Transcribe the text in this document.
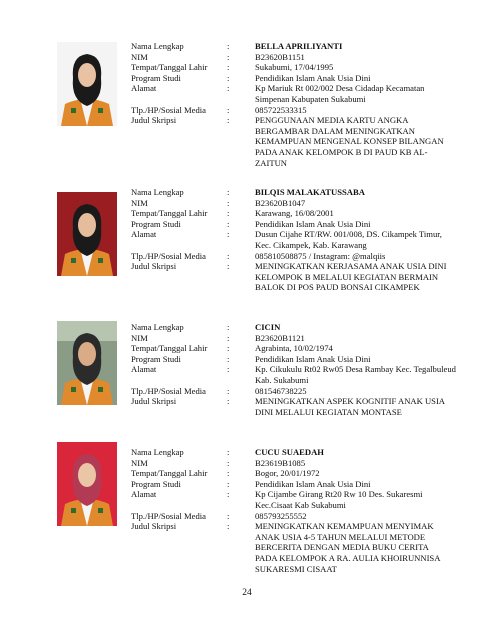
Nama Lengkap	:	BELLA APRILIYANTI
NIM	:	B23620B1151
Tempat/Tanggal Lahir	:	Sukabumi, 17/04/1995
Program Studi	:	Pendidikan Islam Anak Usia Dini
Alamat	:	Kp Mariuk Rt 002/002 Desa Cidadap Kecamatan
Simpenan Kabupaten Sukabumi
Tlp./HP/Sosial Media	:	085722533315
Judul Skripsi	:	PENGGUNAAN MEDIA KARTU ANGKA
BERGAMBAR DALAM MENINGKATKAN
KEMAMPUAN MENGENAL KONSEP BILANGAN
PADA ANAK KELOMPOK B DI PAUD KB AL-
ZAITUN
Nama Lengkap	:	BILQIS MALAKATUSSABA
NIM	:	B23620B1047
Tempat/Tanggal Lahir	:	Karawang, 16/08/2001
Program Studi	:	Pendidikan Islam Anak Usia Dini
Alamat	:	Dusun Cijahe RT/RW. 001/008, DS. Cikampek Timur,
Kec. Cikampek, Kab. Karawang
Tlp./HP/Sosial Media	:	085810508875 / Instagram: @malqiis
Judul Skripsi	:	MENINGKATKAN KERJASAMA ANAK USIA DINI
KELOMPOK B MELALUI KEGIATAN BERMAIN
BALOK DI POS PAUD BONSAI CIKAMPEK
Nama Lengkap	:	CICIN
NIM	:	B23620B1121
Tempat/Tanggal Lahir	:	Agrabinta, 10/02/1974
Program Studi	:	Pendidikan Islam Anak Usia Dini
Alamat	:	Kp. Cikukulu Rt02 Rw05 Desa Rambay Kec. Tegalbuleud
Kab. Sukabumi
Tlp./HP/Sosial Media	:	081546738225
Judul Skripsi	:	MENINGKATKAN ASPEK KOGNITIF ANAK USIA
DINI MELALUI KEGIATAN MONTASE
Nama Lengkap	:	CUCU SUAEDAH
NIM	:	B23619B1085
Tempat/Tanggal Lahir	:	Bogor, 20/01/1972
Program Studi	:	Pendidikan Islam Anak Usia Dini
Alamat	:	Kp Cijambe Girang Rt20 Rw 10 Des. Sukaresmi
Kec.Cisaat Kab Sukabumi
Tlp./HP/Sosial Media	:	085793255552
Judul Skripsi	:	MENINGKATKAN KEMAMPUAN MENYIMAK
ANAK USIA 4-5 TAHUN MELALUI METODE
BERCERITA DENGAN MEDIA BUKU CERITA
PADA KELOMPOK A RA. AULIA KHOIRUNNISA
SUKARESMI CISAAT
24
